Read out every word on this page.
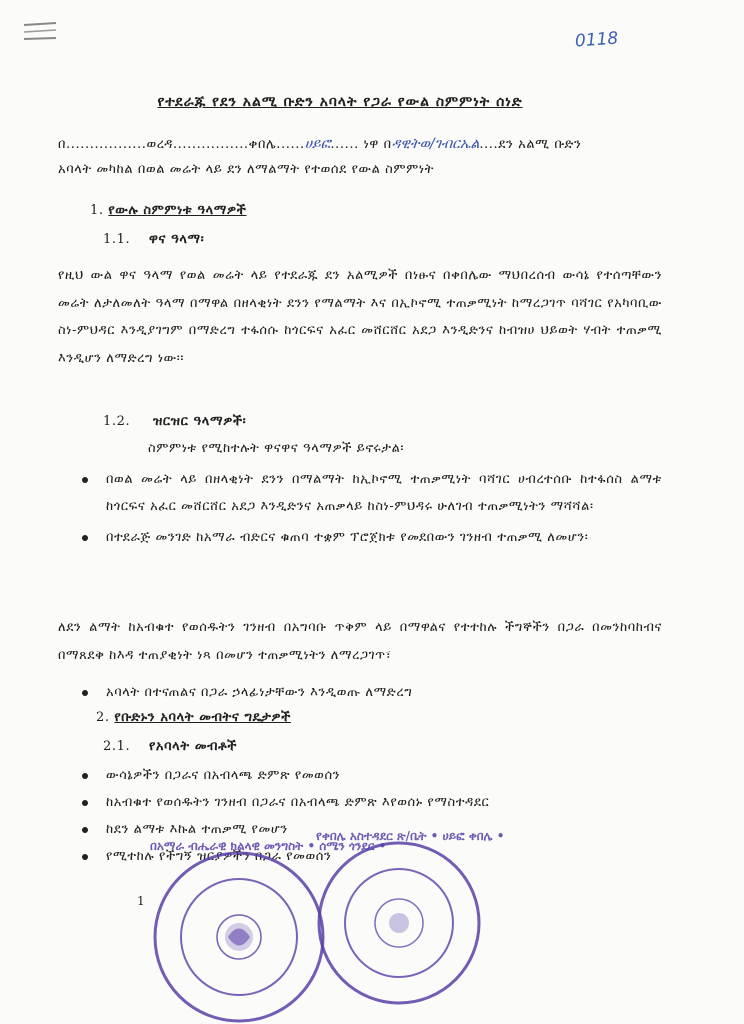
0118
የተደራጁ የደን አልሚ ቡድን አባላት የጋራ የውል ስምምነት ሰነድ
በ.................ወረዳ................ቀበሌ......ሀይፎ...... ነዋ በዳዊትወ/ገብርኤል....ደን አልሚ ቡድን
አባላት መካከል በወል መሬት ላይ ደን ለማልማት የተወሰደ የውል ስምምነት
1. የውሉ ስምምነቱ ዓላማዎች
1.1. ዋና ዓላማ፡
የዚህ ውል ዋና ዓላማ የወል መሬት ላይ የተደራጁ ደን አልሚዎች በነፁና በቀበሌው ማህበረሰብ ውሳኔ የተሰጣቸውን መሬት ለታለመለት ዓላማ በማዋል በዘላቂነት ደንን የማልማት እና በኢኮኖሚ ተጠቃሚነት ከማረጋገጥ ባሻገር የአካባቢው ስነ-ምህዳር እንዲያገግም በማድረግ ተፋሰሱ ከጎርፍና አፈር መሸርሸር አደጋ እንዲድንና ከብዝሀ ህይወት ሃብት ተጠቃሚ እንዲሆን ለማድረግ ነው፡፡
1.2. ዝርዝር ዓላማዎች፡
ስምምነቱ የሚከተሉት ዋናዋና ዓላማዎች ይኖሩታል፡
በወል መሬት ላይ በዘላቂነት ደንን በማልማት ከኢኮኖሚ ተጠቃሚነት ባሻገር ሀብረተሰቡ ከተፋሰስ ልማቱ ከጎርፍና አፈር መሸርሸር አደጋ እንዲድንና አጠቃላይ ከስነ-ምህዳሩ ሁለገብ ተጠቃሚነትን ማሻሻል፡
በተደራጅ መንገድ ከአማራ ብድርና ቁጠባ ተቋም ፕሮጀክቱ የመደበውን ገንዘብ ተጠቃሚ ለመሆን፡
ለደን ልማት ከአብቁተ የወሰዱትን ገንዘብ በአግባቡ ጥቅም ላይ በማዋልና የተተከሉ ችግኞችን በጋራ በመንከባከብና በማጸደቅ ከእዳ ተጠያቂነት ነጻ በመሆን ተጠቃሚነትን ለማረጋገጥ፣
አባላት በተናጠልና በጋራ ኃላፊነታቸውን እንዲወጡ ለማድረግ
2. የቡድኑን አባላት መብትና ግዴታዎች
2.1. የአባላት መብቶች
ውሳኔዎችን በጋራና በአብላጫ ድምጽ የመወሰን
ከአብቁተ የወሰዱትን ገንዘብ በጋራና በአብላጫ ድምጽ እየወሰኑ የማስተዳደር
ከደን ልማቱ እኩል ተጠቃሚ የመሆን
የሚተከሉ የችግኝ ዝርያዎችን በጋራ የመወሰን
1
በአማራ ብሔራዊ ክልላዊ መንግስት • ሰሜን ጎንደር •
የቀበሌ አስተዳደር ጽ/ቤት • ሀይፎ ቀበሌ •
